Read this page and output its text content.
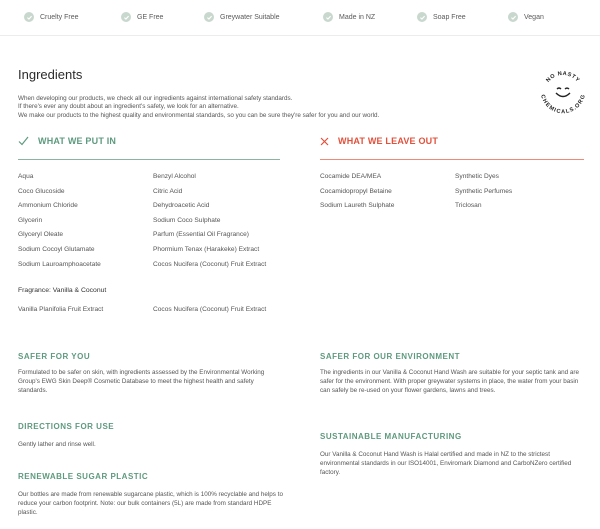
Cruelty Free	GE Free	Greywater Suitable	Made in NZ	Soap Free	Vegan
Ingredients

When developing our products, we check all our ingredients against international safety standards.

If there's ever any doubt about an ingredient's safety, we look for an alternative.

We make our products to the highest quality and environmental standards, so you can be sure they're safer for you and our world.

NO NASTY
CHEMICALS.ORG
WHAT WE PUT IN
Aqua
Coco Glucoside
Ammonium Chloride
Glycerin
Glyceryl Oleate
Sodium Cocoyl Glutamate
Sodium Lauroamphoacetate
Benzyl Alcohol
Citric Acid
Dehydroacetic Acid
Sodium Coco Sulphate
Parfum (Essential Oil Fragrance)
Phormium Tenax (Harakeke) Extract
Cocos Nucifera (Coconut) Fruit Extract
Fragrance: Vanilla & Coconut
Vanilla Planifolia Fruit Extract	Cocos Nucifera (Coconut) Fruit Extract
WHAT WE LEAVE OUT
Cocamide DEA/MEA
Cocamidopropyl Betaine
Sodium Laureth Sulphate
Synthetic Dyes
Synthetic Perfumes
Triclosan
SAFER FOR YOU
Formulated to be safer on skin, with ingredients assessed by the Environmental Working Group's EWG Skin Deep® Cosmetic Database to meet the highest health and safety standards.
DIRECTIONS FOR USE
Gently lather and rinse well.
RENEWABLE SUGAR PLASTIC
Our bottles are made from renewable sugarcane plastic, which is 100% recyclable and helps to reduce your carbon footprint. Note: our bulk containers (5L) are made from standard HDPE plastic.
SAFER FOR OUR ENVIRONMENT
The ingredients in our Vanilla & Coconut Hand Wash are suitable for your septic tank and are safer for the environment. With proper greywater systems in place, the water from your basin can safely be re-used on your flower gardens, lawns and trees.
SUSTAINABLE MANUFACTURING
Our Vanilla & Coconut Hand Wash is Halal certified and made in NZ to the strictest environmental standards in our ISO14001, Enviromark Diamond and CarboNZero certified factory.
